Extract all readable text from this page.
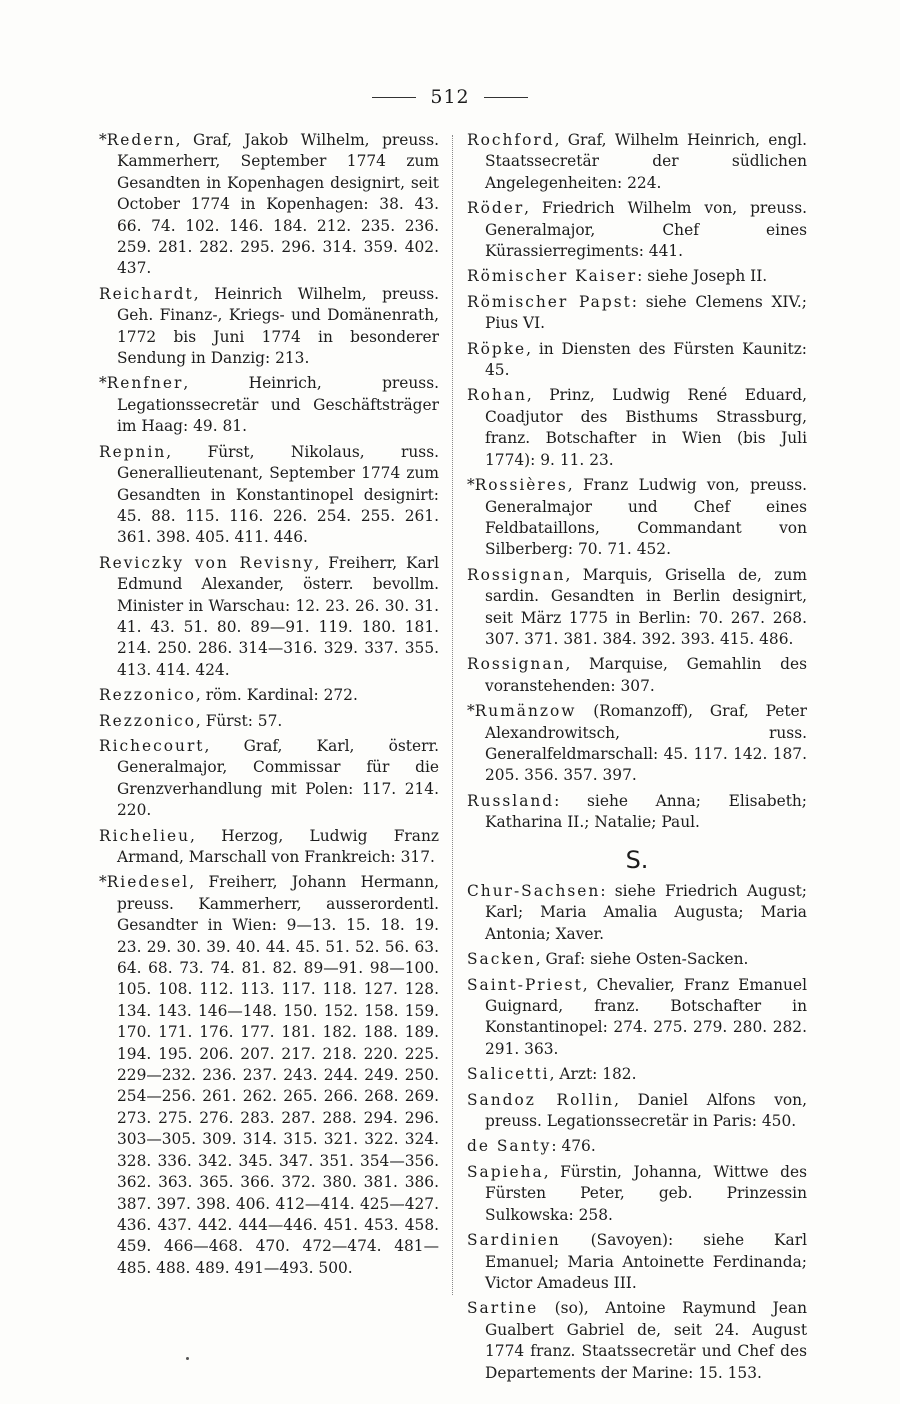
512
*Redern, Graf, Jakob Wilhelm, preuss. Kammerherr, September 1774 zum Gesandten in Kopenhagen designirt, seit October 1774 in Kopenhagen: 38. 43. 66. 74. 102. 146. 184. 212. 235. 236. 259. 281. 282. 295. 296. 314. 359. 402. 437.
Reichardt, Heinrich Wilhelm, preuss. Geh. Finanz-, Kriegs- und Domänenrath, 1772 bis Juni 1774 in besonderer Sendung in Danzig: 213.
*Renfner, Heinrich, preuss. Legationssecretär und Geschäftsträger im Haag: 49. 81.
Repnin, Fürst, Nikolaus, russ. Generallieutenant, September 1774 zum Gesandten in Konstantinopel designirt: 45. 88. 115. 116. 226. 254. 255. 261. 361. 398. 405. 411. 446.
Reviczky von Revisny, Freiherr, Karl Edmund Alexander, österr. bevollm. Minister in Warschau: 12. 23. 26. 30. 31. 41. 43. 51. 80. 89—91. 119. 180. 181. 214. 250. 286. 314—316. 329. 337. 355. 413. 414. 424.
Rezzonico, röm. Kardinal: 272.
Rezzonico, Fürst: 57.
Richecourt, Graf, Karl, österr. Generalmajor, Commissar für die Grenzverhandlung mit Polen: 117. 214. 220.
Richelieu, Herzog, Ludwig Franz Armand, Marschall von Frankreich: 317.
*Riedesel, Freiherr, Johann Hermann, preuss. Kammerherr, ausserordentl. Gesandter in Wien: 9—13. 15. 18. 19. 23. 29. 30. 39. 40. 44. 45. 51. 52. 56. 63. 64. 68. 73. 74. 81. 82. 89—91. 98—100. 105. 108. 112. 113. 117. 118. 127. 128. 134. 143. 146—148. 150. 152. 158. 159. 170. 171. 176. 177. 181. 182. 188. 189. 194. 195. 206. 207. 217. 218. 220. 225. 229—232. 236. 237. 243. 244. 249. 250. 254—256. 261. 262. 265. 266. 268. 269. 273. 275. 276. 283. 287. 288. 294. 296. 303—305. 309. 314. 315. 321. 322. 324. 328. 336. 342. 345. 347. 351. 354—356. 362. 363. 365. 366. 372. 380. 381. 386. 387. 397. 398. 406. 412—414. 425—427. 436. 437. 442. 444—446. 451. 453. 458. 459. 466—468. 470. 472—474. 481—485. 488. 489. 491—493. 500.
Rochford, Graf, Wilhelm Heinrich, engl. Staatssecretär der südlichen Angelegenheiten: 224.
Röder, Friedrich Wilhelm von, preuss. Generalmajor, Chef eines Kürassierregiments: 441.
Römischer Kaiser: siehe Joseph II.
Römischer Papst: siehe Clemens XIV.; Pius VI.
Röpke, in Diensten des Fürsten Kaunitz: 45.
Rohan, Prinz, Ludwig René Eduard, Coadjutor des Bisthums Strassburg, franz. Botschafter in Wien (bis Juli 1774): 9. 11. 23.
*Rossières, Franz Ludwig von, preuss. Generalmajor und Chef eines Feldbataillons, Commandant von Silberberg: 70. 71. 452.
Rossignan, Marquis, Grisella de, zum sardin. Gesandten in Berlin designirt, seit März 1775 in Berlin: 70. 267. 268. 307. 371. 381. 384. 392. 393. 415. 486.
Rossignan, Marquise, Gemahlin des voranstehenden: 307.
*Rumänzow (Romanzoff), Graf, Peter Alexandrowitsch, russ. Generalfeldmarschall: 45. 117. 142. 187. 205. 356. 357. 397.
Russland: siehe Anna; Elisabeth; Katharina II.; Natalie; Paul.
S.
Chur-Sachsen: siehe Friedrich August; Karl; Maria Amalia Augusta; Maria Antonia; Xaver.
Sacken, Graf: siehe Osten-Sacken.
Saint-Priest, Chevalier, Franz Emanuel Guignard, franz. Botschafter in Konstantinopel: 274. 275. 279. 280. 282. 291. 363.
Salicetti, Arzt: 182.
Sandoz Rollin, Daniel Alfons von, preuss. Legationssecretär in Paris: 450.
de Santy: 476.
Sapieha, Fürstin, Johanna, Wittwe des Fürsten Peter, geb. Prinzessin Sulkowska: 258.
Sardinien (Savoyen): siehe Karl Emanuel; Maria Antoinette Ferdinanda; Victor Amadeus III.
Sartine (so), Antoine Raymund Jean Gualbert Gabriel de, seit 24. August 1774 franz. Staatssecretär und Chef des Departements der Marine: 15. 153.
